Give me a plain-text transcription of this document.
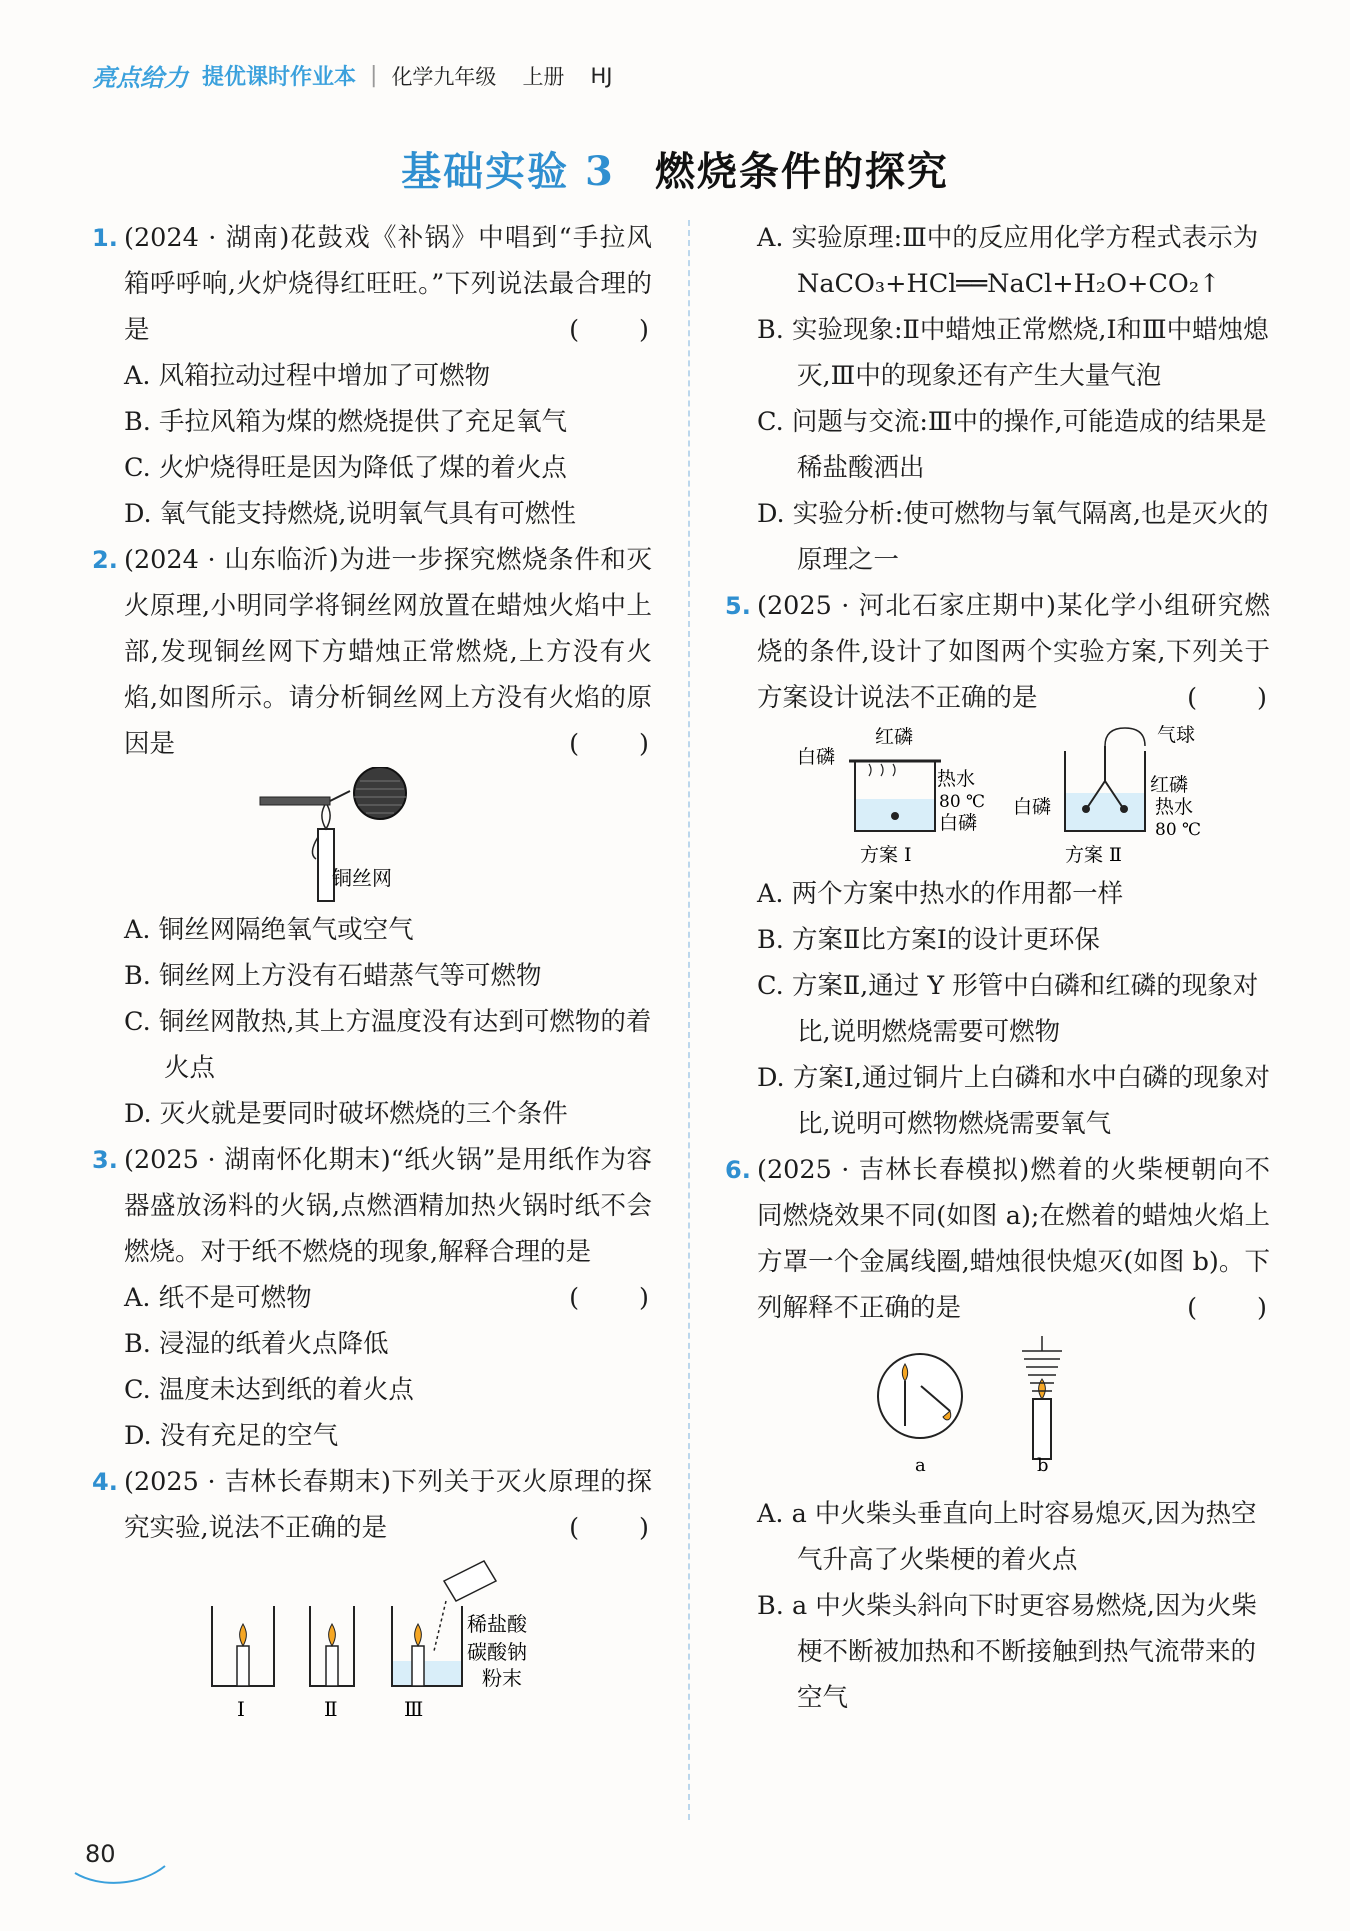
亮点给力 提优课时作业本 | 化学九年级 上册 HJ
基础实验 3 燃烧条件的探究
1. (2024 · 湖南)花鼓戏《补锅》中唱到“手拉风箱呼呼响,火炉烧得红旺旺。”下列说法最合理的是	(　　)
A. 风箱拉动过程中增加了可燃物
B. 手拉风箱为煤的燃烧提供了充足氧气
C. 火炉烧得旺是因为降低了煤的着火点
D. 氧气能支持燃烧,说明氧气具有可燃性
2. (2024 · 山东临沂)为进一步探究燃烧条件和灭火原理,小明同学将铜丝网放置在蜡烛火焰中上部,发现铜丝网下方蜡烛正常燃烧,上方没有火焰,如图所示。请分析铜丝网上方没有火焰的原因是	(　　)
铜丝网
A. 铜丝网隔绝氧气或空气
B. 铜丝网上方没有石蜡蒸气等可燃物
C. 铜丝网散热,其上方温度没有达到可燃物的着火点
D. 灭火就是要同时破坏燃烧的三个条件
3. (2025 · 湖南怀化期末)“纸火锅”是用纸作为容器盛放汤料的火锅,点燃酒精加热火锅时纸不会燃烧。对于纸不燃烧的现象,解释合理的是
(　　)
A. 纸不是可燃物
B. 浸湿的纸着火点降低
C. 温度未达到纸的着火点
D. 没有充足的空气
4. (2025 · 吉林长春期末)下列关于灭火原理的探究实验,说法不正确的是	(　　)
Ⅰ	Ⅱ	Ⅲ
稀盐酸
碳酸钠
粉末
A. 实验原理:Ⅲ中的反应用化学方程式表示为 NaCO₃+HCl══NaCl+H₂O+CO₂↑
B. 实验现象:Ⅱ中蜡烛正常燃烧,Ⅰ和Ⅲ中蜡烛熄灭,Ⅲ中的现象还有产生大量气泡
C. 问题与交流:Ⅲ中的操作,可能造成的结果是稀盐酸洒出
D. 实验分析:使可燃物与氧气隔离,也是灭火的原理之一
5. (2025 · 河北石家庄期中)某化学小组研究燃烧的条件,设计了如图两个实验方案,下列关于方案设计说法不正确的是	(　　)
白磷
红磷
热水
80 ℃
白磷
方案 Ⅰ
气球
白磷
红磷
热水
80 ℃
方案 Ⅱ
A. 两个方案中热水的作用都一样
B. 方案Ⅱ比方案Ⅰ的设计更环保
C. 方案Ⅱ,通过 Y 形管中白磷和红磷的现象对比,说明燃烧需要可燃物
D. 方案Ⅰ,通过铜片上白磷和水中白磷的现象对比,说明可燃物燃烧需要氧气
6. (2025 · 吉林长春模拟)燃着的火柴梗朝向不同燃烧效果不同(如图 a);在燃着的蜡烛火焰上方罩一个金属线圈,蜡烛很快熄灭(如图 b)。下列解释不正确的是	(　　)
a	b
A. a 中火柴头垂直向上时容易熄灭,因为热空气升高了火柴梗的着火点
B. a 中火柴头斜向下时更容易燃烧,因为火柴梗不断被加热和不断接触到热气流带来的空气
80
